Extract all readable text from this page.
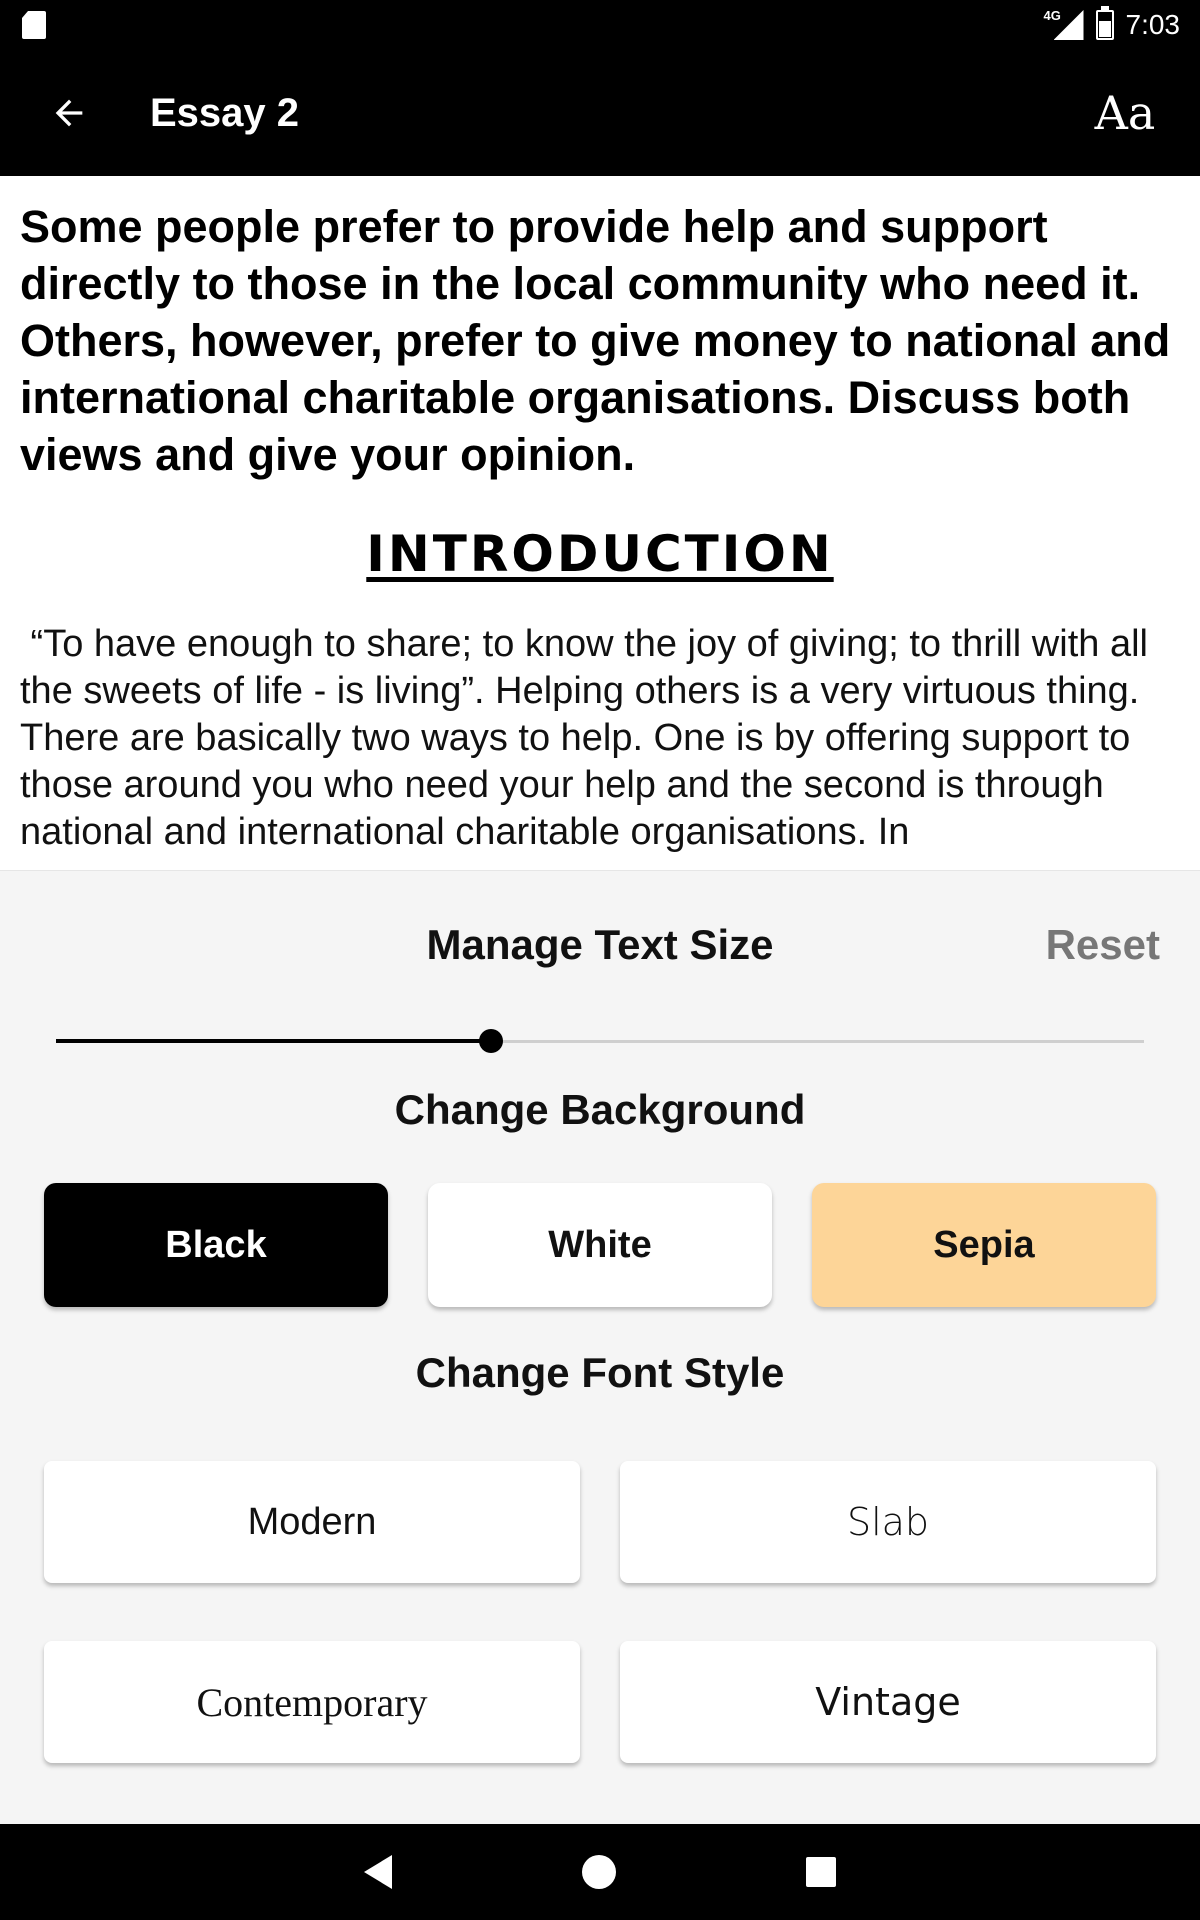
4G 7:03
Essay 2	Aa
Some people prefer to provide help and support directly to those in the local community who need it. Others, however, prefer to give money to national and international charitable organisations. Discuss both views and give your opinion.
INTRODUCTION
“To have enough to share; to know the joy of giving; to thrill with all the sweets of life - is living”. Helping others is a very virtuous thing. There are basically two ways to help. One is by offering support to those around you who need your help and the second is through national and international charitable organisations. In
Manage Text Size	Reset
Change Background
Black	White	Sepia
Change Font Style
Modern	Slab
Contemporary	Vintage
